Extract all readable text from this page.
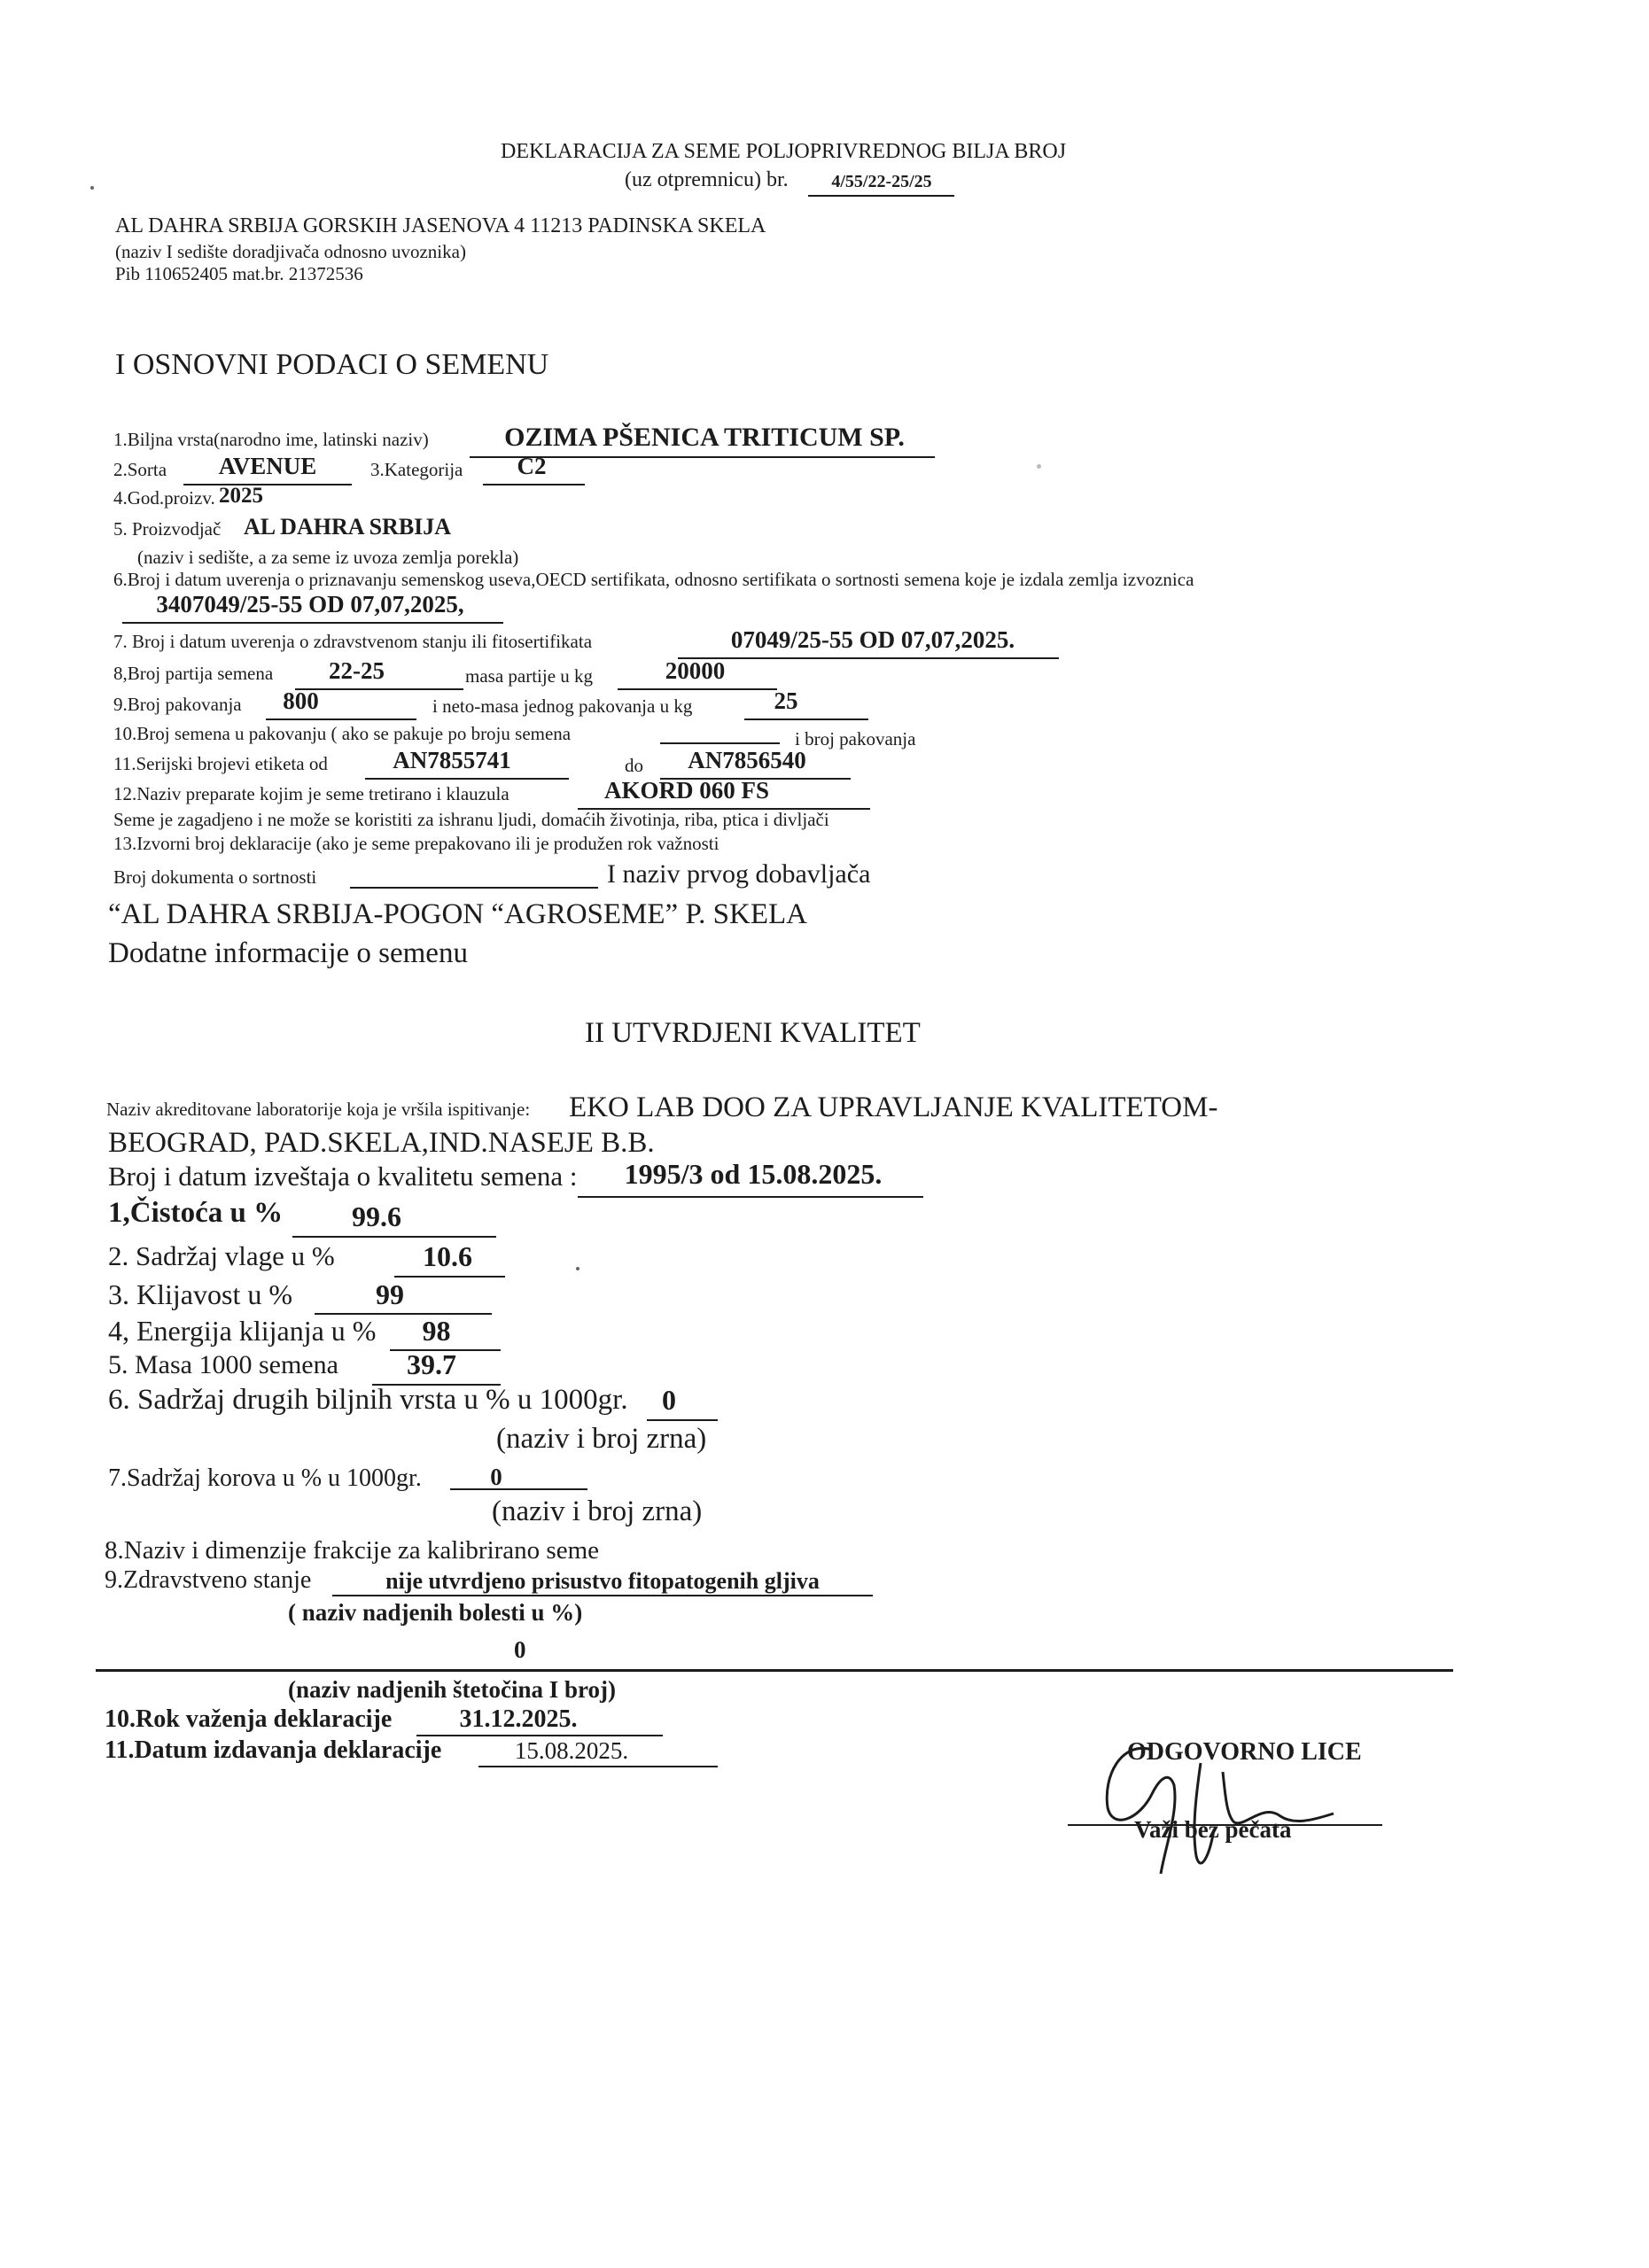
DEKLARACIJA ZA SEME POLJOPRIVREDNOG BILJA BROJ
(uz otpremnicu) br.	4/55/22-25/25
AL DAHRA SRBIJA GORSKIH JASENOVA 4 11213 PADINSKA SKELA
(naziv I sedište doradjivača odnosno uvoznika)
Pib 110652405 mat.br. 21372536
I OSNOVNI PODACI O SEMENU
1.Biljna vrsta(narodno ime, latinski naziv)	OZIMA PŠENICA TRITICUM SP.
2.Sorta	AVENUE	3.Kategorija	C2
4.God.proizv. 2025
5. Proizvodjač AL DAHRA SRBIJA
(naziv i sedište, a za seme iz uvoza zemlja porekla)
6.Broj i datum uverenja o priznavanju semenskog useva,OECD sertifikata, odnosno sertifikata o sortnosti semena koje je izdala zemlja izvoznica
3407049/25-55 OD 07,07,2025,
7. Broj i datum uverenja o zdravstvenom stanju ili fitosertifikata	07049/25-55 OD 07,07,2025.
8,Broj partija semena	22-25	masa partije u kg	20000
9.Broj pakovanja	800	i neto-masa jednog pakovanja u kg	25
10.Broj semena u pakovanju ( ako se pakuje po broju semena	i broj pakovanja
11.Serijski brojevi etiketa od	AN7855741	do	AN7856540
12.Naziv preparate kojim je seme tretirano i klauzula	AKORD 060 FS
Seme je zagadjeno i ne može se koristiti za ishranu ljudi, domaćih životinja, riba, ptica i divljači
13.Izvorni broj deklaracije (ako je seme prepakovano ili je produžen rok važnosti
Broj dokumenta o sortnosti	I naziv prvog dobavljača
“AL DAHRA SRBIJA-POGON “AGROSEME” P. SKELA
Dodatne informacije o semenu
II UTVRDJENI KVALITET
Naziv akreditovane laboratorije koja je vršila ispitivanje: EKO LAB DOO ZA UPRAVLJANJE KVALITETOM-
BEOGRAD, PAD.SKELA,IND.NASEJE B.B.
Broj i datum izveštaja o kvalitetu semena :	1995/3 od 15.08.2025.
1,Čistoća u %	99.6
2. Sadržaj vlage u %	10.6
3. Klijavost u %	99
4, Energija klijanja u %	98
5. Masa 1000 semena	39.7
6. Sadržaj drugih biljnih vrsta u % u 1000gr.	0
(naziv i broj zrna)
7.Sadržaj korova u % u 1000gr.	0
(naziv i broj zrna)
8.Naziv i dimenzije frakcije za kalibrirano seme
9.Zdravstveno stanje	nije utvrdjeno prisustvo fitopatogenih gljiva
( naziv nadjenih bolesti u %)
0
(naziv nadjenih štetočina I broj)
10.Rok važenja deklaracije	31.12.2025.
11.Datum izdavanja deklaracije	15.08.2025.	ODGOVORNO LICE
Važi bez pečata
